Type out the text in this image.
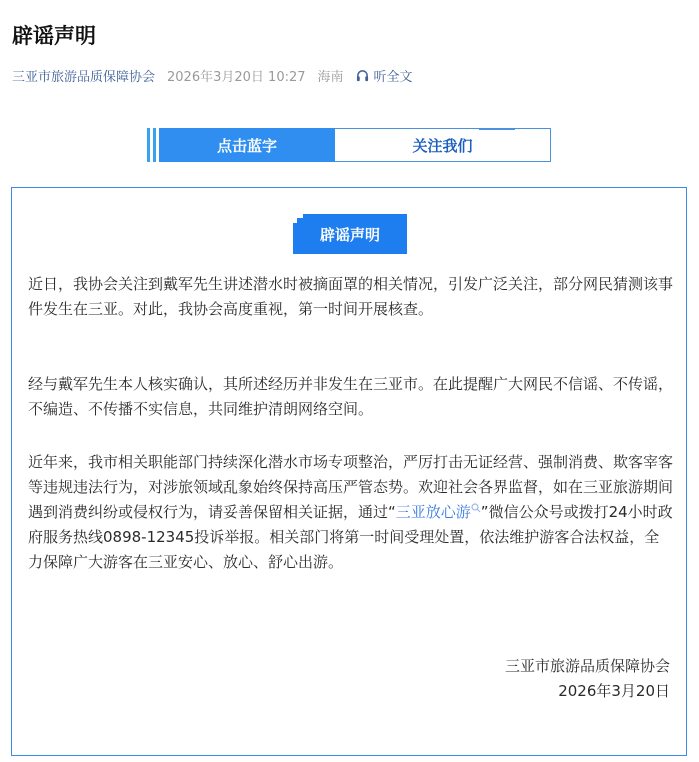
辟谣声明
三亚市旅游品质保障协会 2026年3月20日 10:27 海南 听全文
点击蓝字	关注我们
辟谣声明

近日，我协会关注到戴军先生讲述潜水时被摘面罩的相关情况，引发广泛关注，部分网民猜测该事件发生在三亚。对此，我协会高度重视，第一时间开展核查。

经与戴军先生本人核实确认，其所述经历并非发生在三亚市。在此提醒广大网民不信谣、不传谣，不编造、不传播不实信息，共同维护清朗网络空间。

近年来，我市相关职能部门持续深化潜水市场专项整治，严厉打击无证经营、强制消费、欺客宰客等违规违法行为，对涉旅领域乱象始终保持高压严管态势。欢迎社会各界监督，如在三亚旅游期间遇到消费纠纷或侵权行为，请妥善保留相关证据，通过“三亚放心游 ”微信公众号或拨打24小时政府服务热线0898-12345投诉举报。相关部门将第一时间受理处置，依法维护游客合法权益，全力保障广大游客在三亚安心、放心、舒心出游。

三亚市旅游品质保障协会
2026年3月20日
